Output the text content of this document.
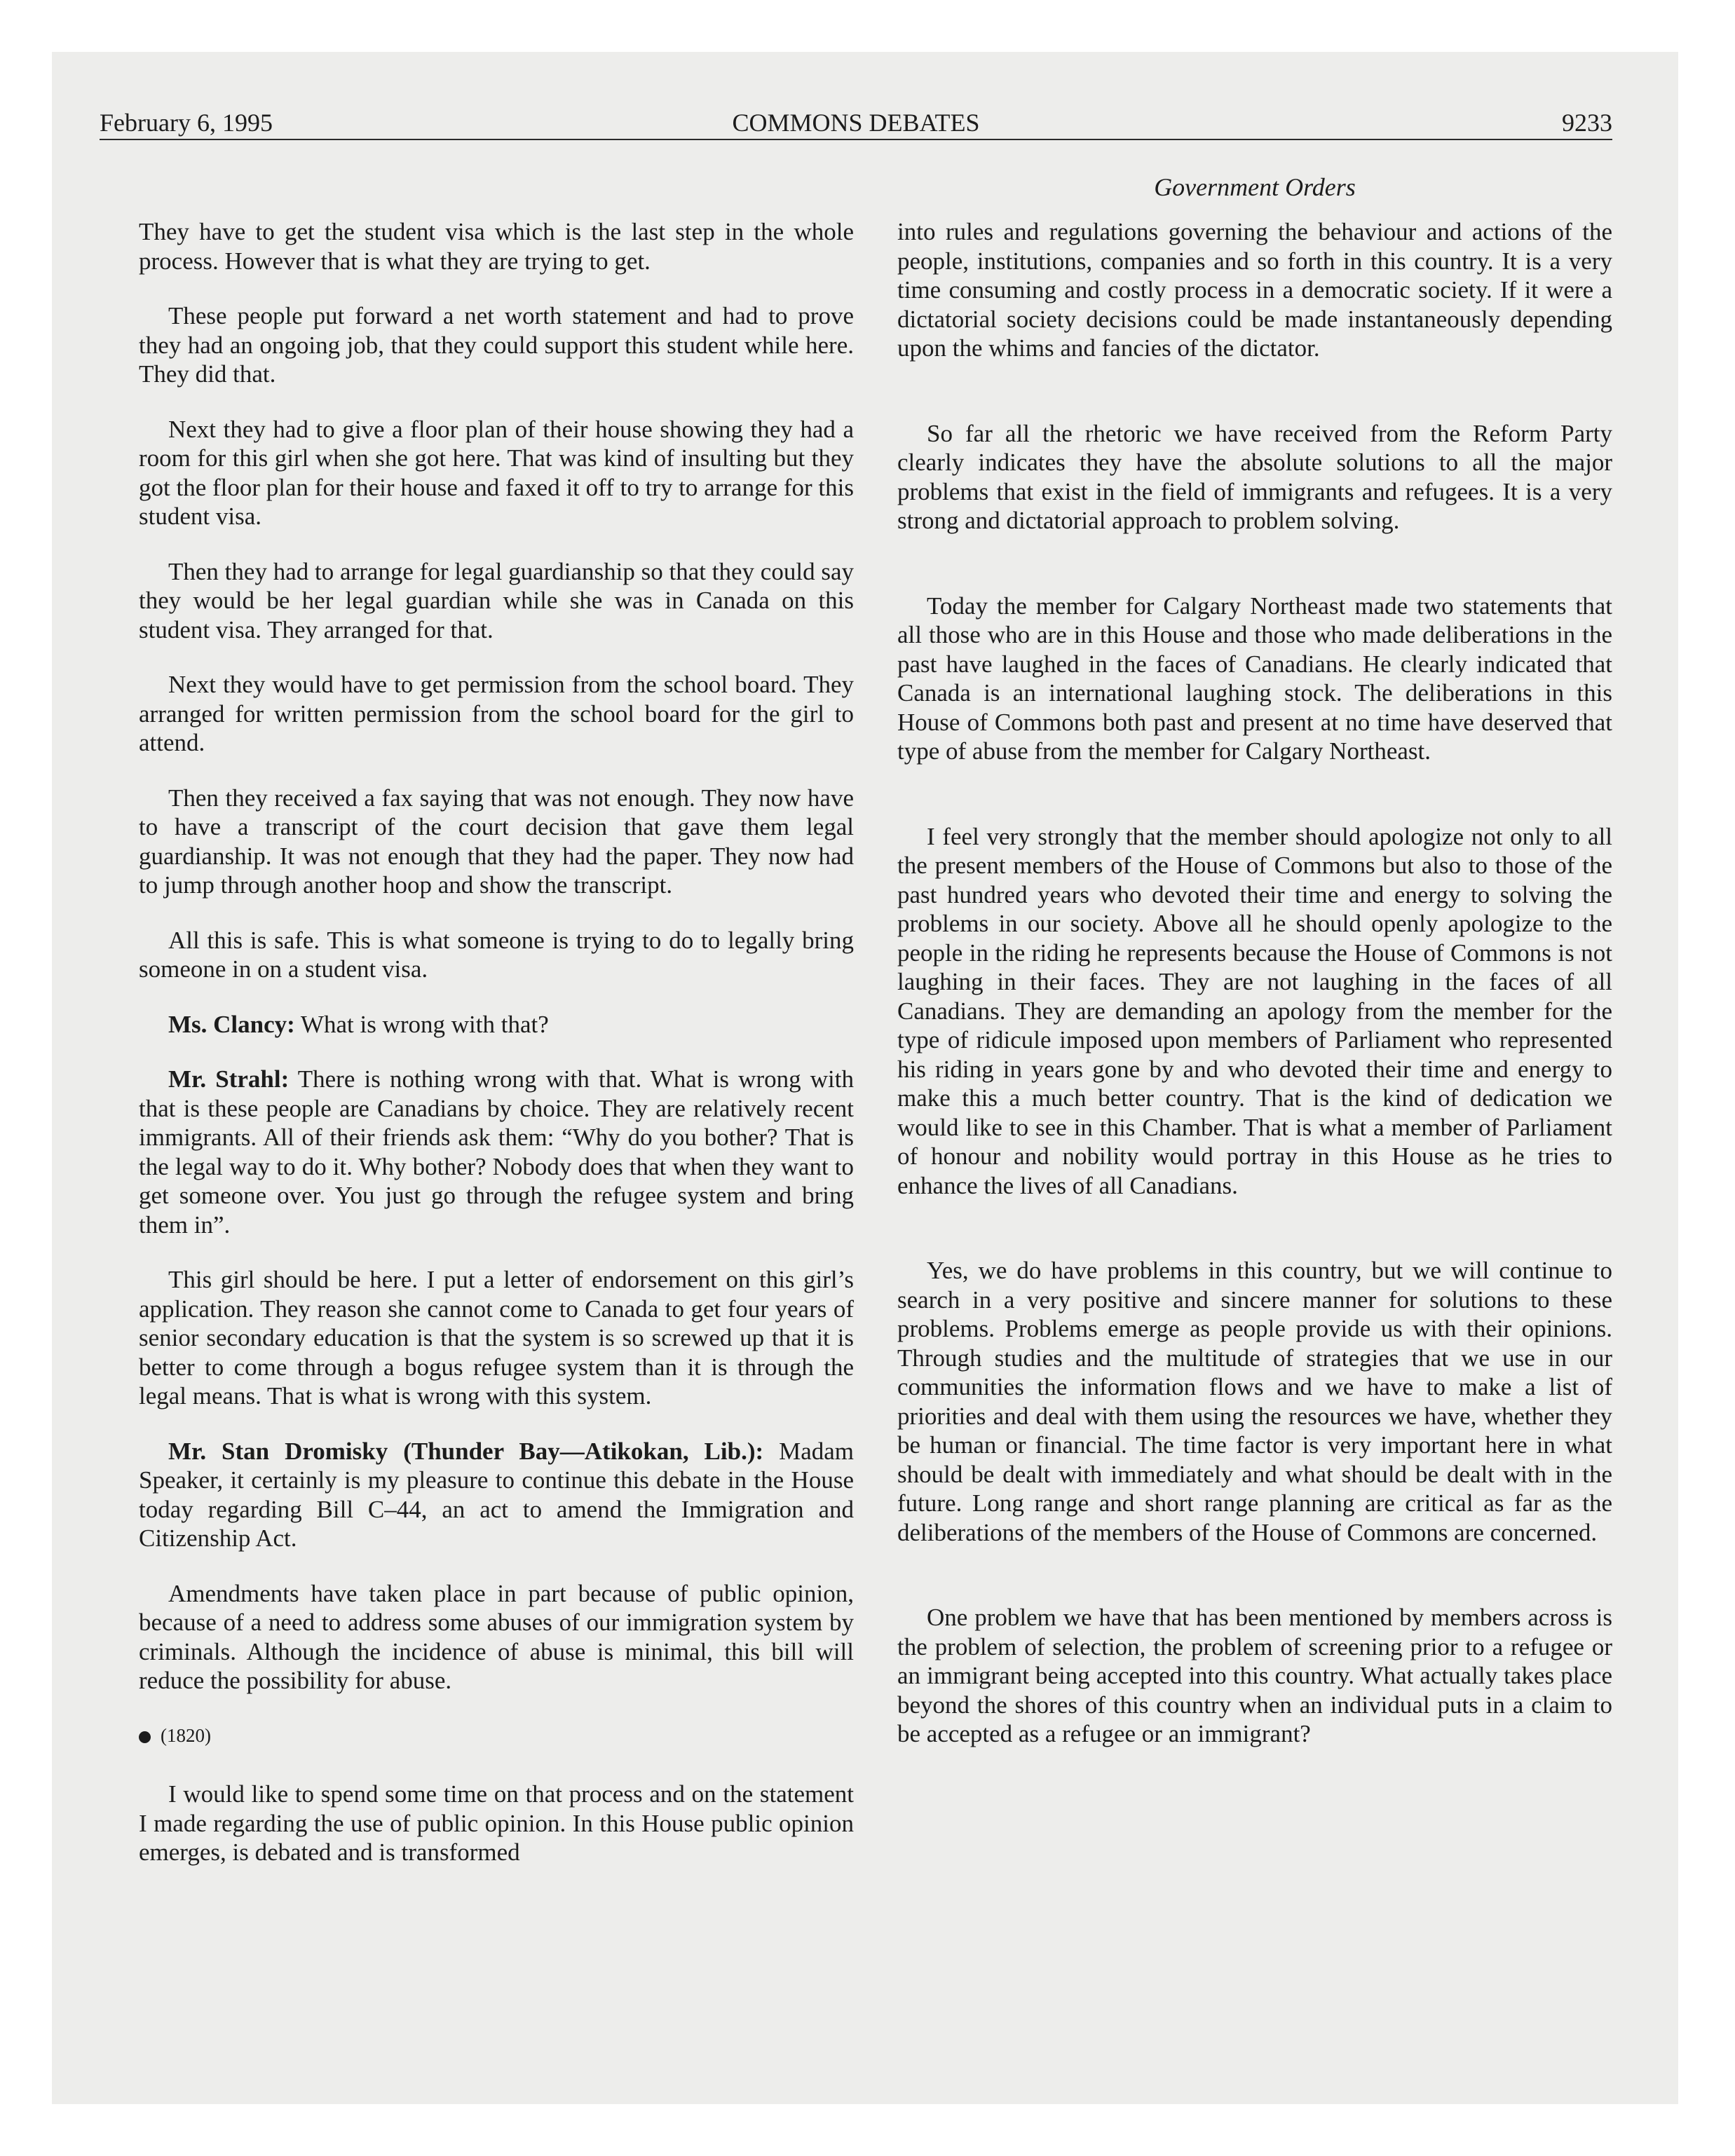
February 6, 1995	COMMONS DEBATES	9233
Government Orders

They have to get the student visa which is the last step in the whole process. However that is what they are trying to get.

These people put forward a net worth statement and had to prove they had an ongoing job, that they could support this student while here. They did that.

Next they had to give a floor plan of their house showing they had a room for this girl when she got here. That was kind of insulting but they got the floor plan for their house and faxed it off to try to arrange for this student visa.

Then they had to arrange for legal guardianship so that they could say they would be her legal guardian while she was in Canada on this student visa. They arranged for that.

Next they would have to get permission from the school board. They arranged for written permission from the school board for the girl to attend.

Then they received a fax saying that was not enough. They now have to have a transcript of the court decision that gave them legal guardianship. It was not enough that they had the paper. They now had to jump through another hoop and show the transcript.

All this is safe. This is what someone is trying to do to legally bring someone in on a student visa.

Ms. Clancy: What is wrong with that?

Mr. Strahl: There is nothing wrong with that. What is wrong with that is these people are Canadians by choice. They are relatively recent immigrants. All of their friends ask them: “Why do you bother? That is the legal way to do it. Why bother? Nobody does that when they want to get someone over. You just go through the refugee system and bring them in”.

This girl should be here. I put a letter of endorsement on this girl’s application. They reason she cannot come to Canada to get four years of senior secondary education is that the system is so screwed up that it is better to come through a bogus refugee system than it is through the legal means. That is what is wrong with this system.

Mr. Stan Dromisky (Thunder Bay—Atikokan, Lib.): Madam Speaker, it certainly is my pleasure to continue this debate in the House today regarding Bill C–44, an act to amend the Immigration and Citizenship Act.

Amendments have taken place in part because of public opinion, because of a need to address some abuses of our immigration system by criminals. Although the incidence of abuse is minimal, this bill will reduce the possibility for abuse.

(1820)

I would like to spend some time on that process and on the statement I made regarding the use of public opinion. In this House public opinion emerges, is debated and is transformed

into rules and regulations governing the behaviour and actions of the people, institutions, companies and so forth in this country. It is a very time consuming and costly process in a democratic society. If it were a dictatorial society decisions could be made instantaneously depending upon the whims and fancies of the dictator.

So far all the rhetoric we have received from the Reform Party clearly indicates they have the absolute solutions to all the major problems that exist in the field of immigrants and refugees. It is a very strong and dictatorial approach to problem solving.

Today the member for Calgary Northeast made two statements that all those who are in this House and those who made deliberations in the past have laughed in the faces of Canadians. He clearly indicated that Canada is an international laughing stock. The deliberations in this House of Commons both past and present at no time have deserved that type of abuse from the member for Calgary Northeast.

I feel very strongly that the member should apologize not only to all the present members of the House of Commons but also to those of the past hundred years who devoted their time and energy to solving the problems in our society. Above all he should openly apologize to the people in the riding he represents because the House of Commons is not laughing in their faces. They are not laughing in the faces of all Canadians. They are demanding an apology from the member for the type of ridicule imposed upon members of Parliament who represented his riding in years gone by and who devoted their time and energy to make this a much better country. That is the kind of dedication we would like to see in this Chamber. That is what a member of Parliament of honour and nobility would portray in this House as he tries to enhance the lives of all Canadians.

Yes, we do have problems in this country, but we will continue to search in a very positive and sincere manner for solutions to these problems. Problems emerge as people provide us with their opinions. Through studies and the multitude of strategies that we use in our communities the information flows and we have to make a list of priorities and deal with them using the resources we have, whether they be human or financial. The time factor is very important here in what should be dealt with immediately and what should be dealt with in the future. Long range and short range planning are critical as far as the deliberations of the members of the House of Commons are concerned.

One problem we have that has been mentioned by members across is the problem of selection, the problem of screening prior to a refugee or an immigrant being accepted into this country. What actually takes place beyond the shores of this country when an individual puts in a claim to be accepted as a refugee or an immigrant?
